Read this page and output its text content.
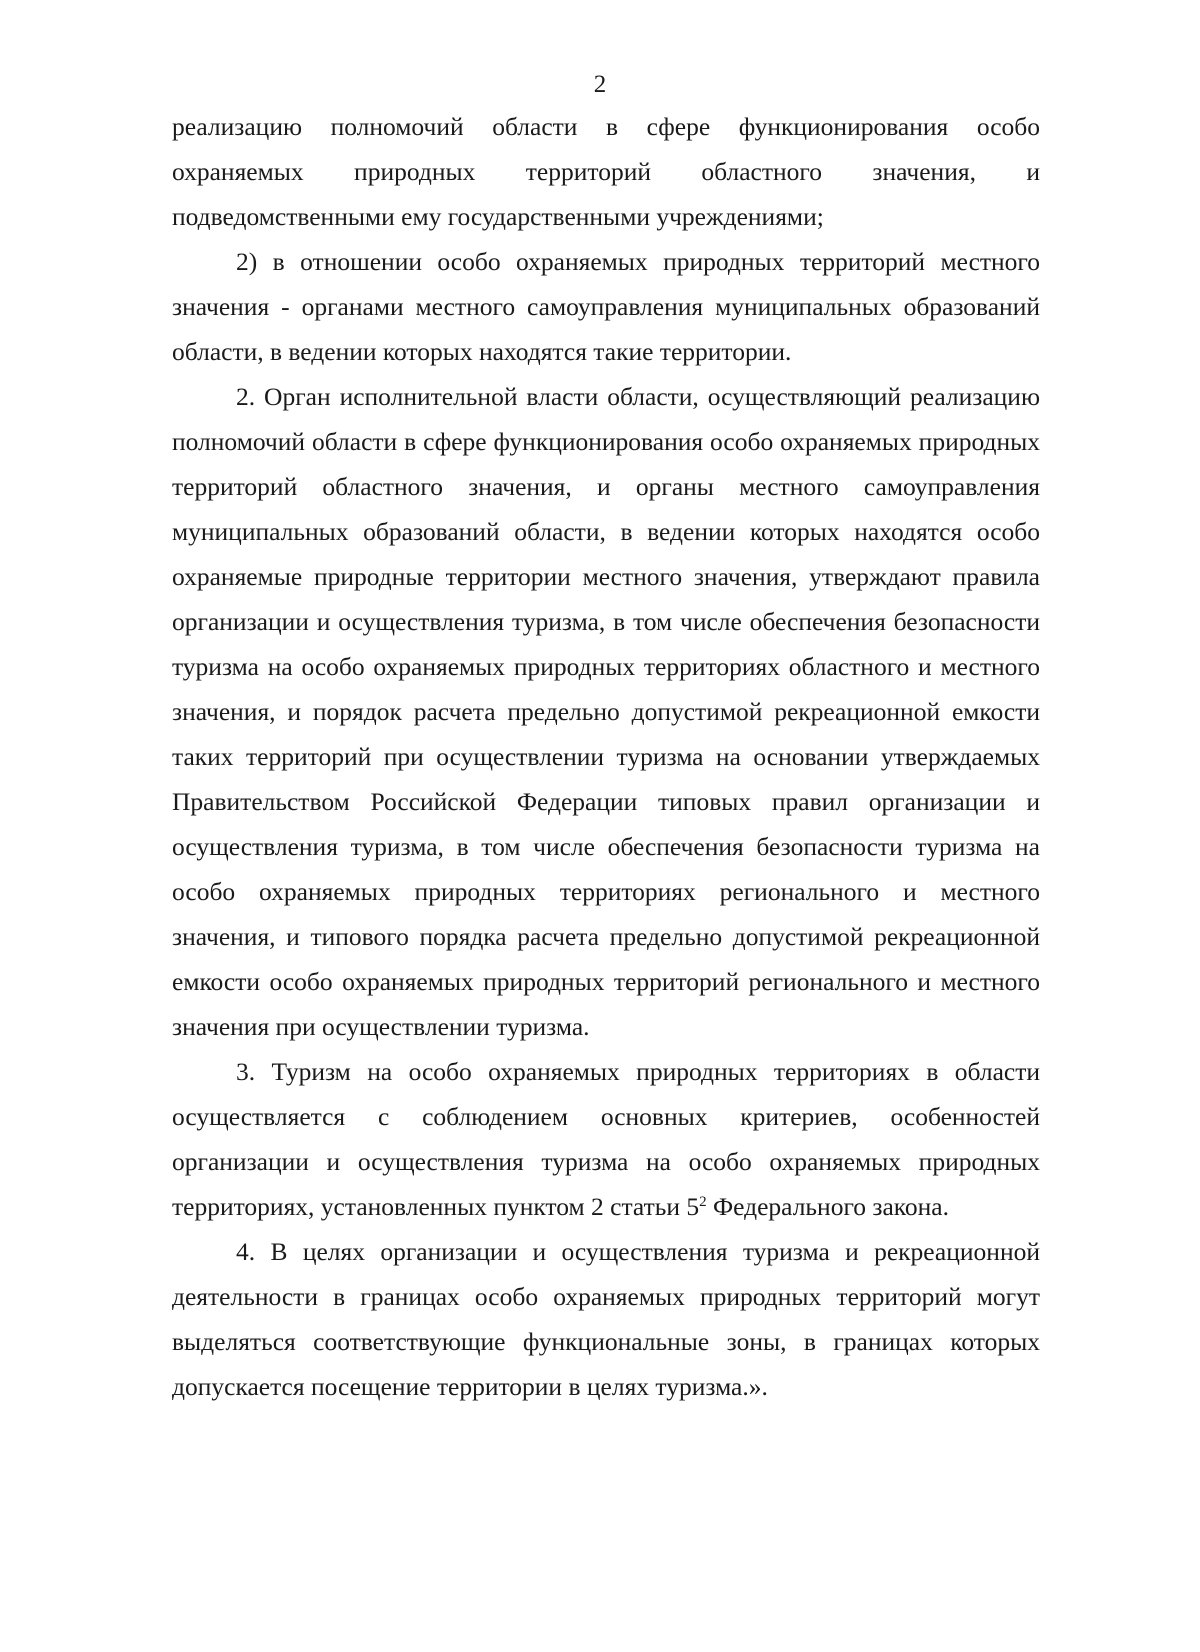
2

реализацию полномочий области в сфере функционирования особо охраняемых природных территорий областного значения, и подведомственными ему государственными учреждениями;

2) в отношении особо охраняемых природных территорий местного значения - органами местного самоуправления муниципальных образований области, в ведении которых находятся такие территории.

2. Орган исполнительной власти области, осуществляющий реализацию полномочий области в сфере функционирования особо охраняемых природных территорий областного значения, и органы местного самоуправления муниципальных образований области, в ведении которых находятся особо охраняемые природные территории местного значения, утверждают правила организации и осуществления туризма, в том числе обеспечения безопасности туризма на особо охраняемых природных территориях областного и местного значения, и порядок расчета предельно допустимой рекреационной емкости таких территорий при осуществлении туризма на основании утверждаемых Правительством Российской Федерации типовых правил организации и осуществления туризма, в том числе обеспечения безопасности туризма на особо охраняемых природных территориях регионального и местного значения, и типового порядка расчета предельно допустимой рекреационной емкости особо охраняемых природных территорий регионального и местного значения при осуществлении туризма.

3. Туризм на особо охраняемых природных территориях в области осуществляется с соблюдением основных критериев, особенностей организации и осуществления туризма на особо охраняемых природных территориях, установленных пунктом 2 статьи $5^2$ Федерального закона.

4. В целях организации и осуществления туризма и рекреационной деятельности в границах особо охраняемых природных территорий могут выделяться соответствующие функциональные зоны, в границах которых допускается посещение территории в целях туризма.».
